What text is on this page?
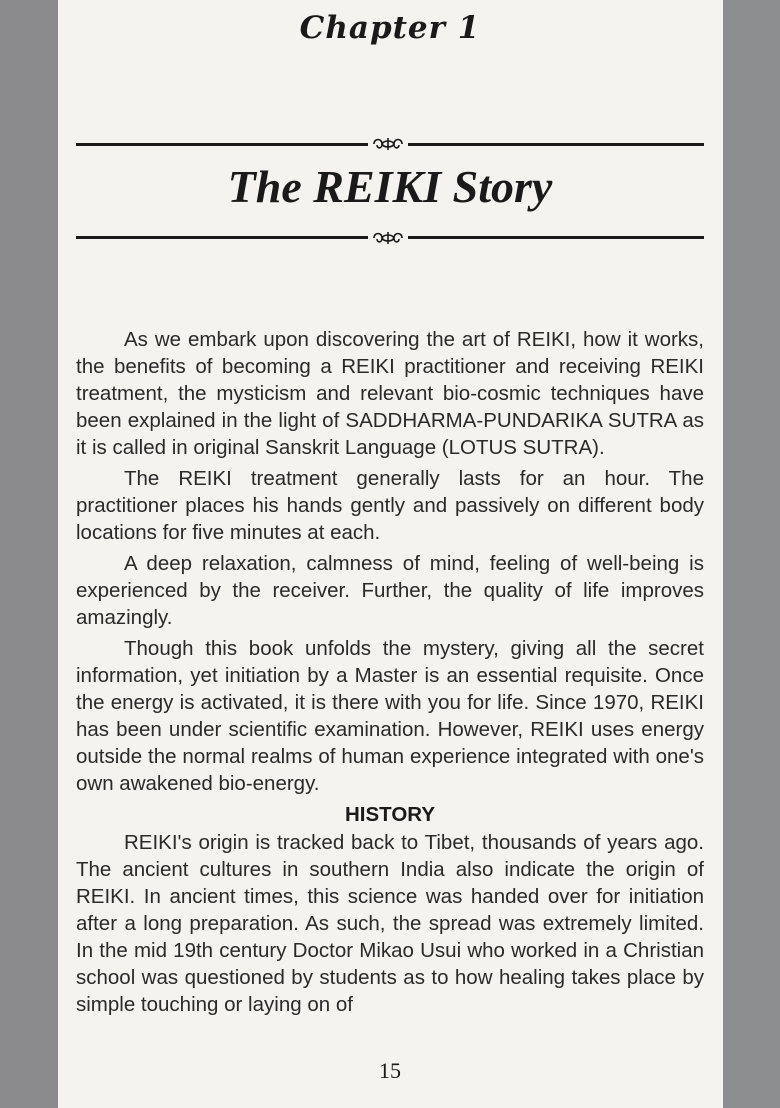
Chapter 1
The REIKI Story

As we embark upon discovering the art of REIKI, how it works, the benefits of becoming a REIKI practitioner and receiving REIKI treatment, the mysticism and relevant bio-cosmic techniques have been explained in the light of SADDHARMA-PUNDARIKA SUTRA as it is called in original Sanskrit Language (LOTUS SUTRA).

The REIKI treatment generally lasts for an hour. The practitioner places his hands gently and passively on different body locations for five minutes at each.

A deep relaxation, calmness of mind, feeling of well-being is experienced by the receiver. Further, the quality of life improves amazingly.

Though this book unfolds the mystery, giving all the secret information, yet initiation by a Master is an essential requisite. Once the energy is activated, it is there with you for life. Since 1970, REIKI has been under scientific examination. However, REIKI uses energy outside the normal realms of human experience integrated with one's own awakened bio-energy.

HISTORY

REIKI's origin is tracked back to Tibet, thousands of years ago. The ancient cultures in southern India also indicate the origin of REIKI. In ancient times, this science was handed over for initiation after a long preparation. As such, the spread was extremely limited. In the mid 19th century Doctor Mikao Usui who worked in a Christian school was questioned by students as to how healing takes place by simple touching or laying on of

15
